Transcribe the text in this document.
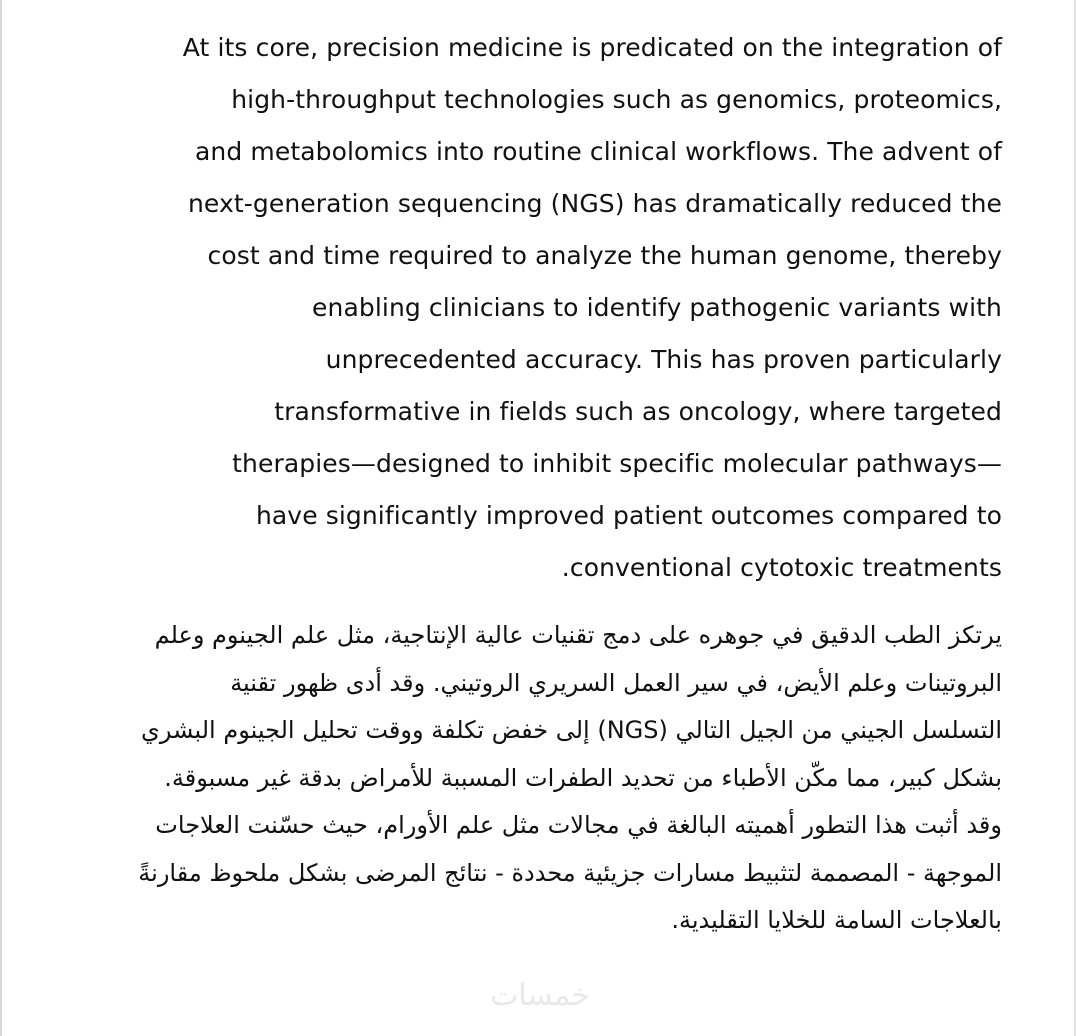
At its core, precision medicine is predicated on the integration of
high-throughput technologies such as genomics, proteomics,
and metabolomics into routine clinical workflows. The advent of
next-generation sequencing (NGS) has dramatically reduced the
cost and time required to analyze the human genome, thereby
enabling clinicians to identify pathogenic variants with
unprecedented accuracy. This has proven particularly
transformative in fields such as oncology, where targeted
therapies—designed to inhibit specific molecular pathways—
have significantly improved patient outcomes compared to
.conventional cytotoxic treatments
يرتكز الطب الدقيق في جوهره على دمج تقنيات عالية الإنتاجية، مثل علم الجينوم وعلم
البروتينات وعلم الأيض، في سير العمل السريري الروتيني. وقد أدى ظهور تقنية
التسلسل الجيني من الجيل التالي (NGS) إلى خفض تكلفة ووقت تحليل الجينوم البشري
بشكل كبير، مما مكّن الأطباء من تحديد الطفرات المسببة للأمراض بدقة غير مسبوقة.
وقد أثبت هذا التطور أهميته البالغة في مجالات مثل علم الأورام، حيث حسّنت العلاجات
الموجهة - المصممة لتثبيط مسارات جزيئية محددة - نتائج المرضى بشكل ملحوظ مقارنةً
بالعلاجات السامة للخلايا التقليدية.
خمسات
